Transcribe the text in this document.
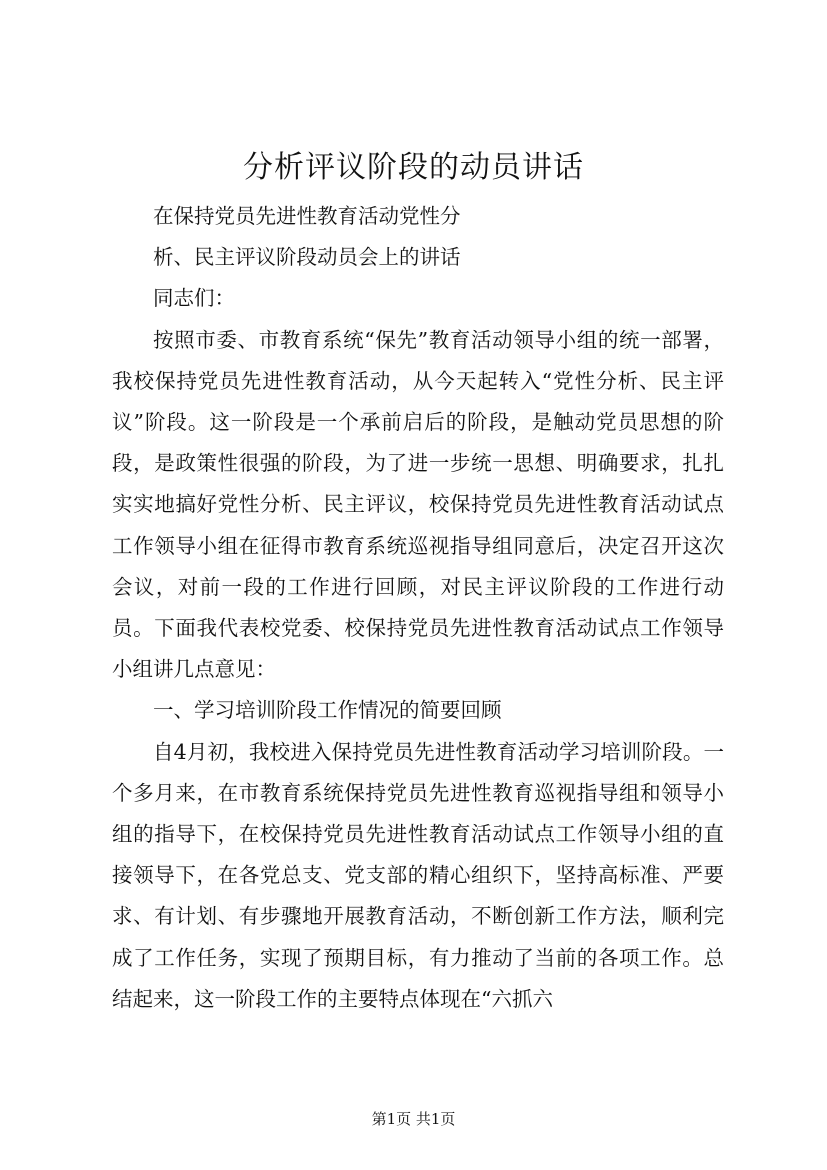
分析评议阶段的动员讲话

在保持党员先进性教育活动党性分

析、民主评议阶段动员会上的讲话

同志们：

按照市委、市教育系统“保先”教育活动领导小组的统一部署，我校保持党员先进性教育活动，从今天起转入“党性分析、民主评议”阶段。这一阶段是一个承前启后的阶段，是触动党员思想的阶段，是政策性很强的阶段，为了进一步统一思想、明确要求，扎扎实实地搞好党性分析、民主评议，校保持党员先进性教育活动试点工作领导小组在征得市教育系统巡视指导组同意后，决定召开这次会议，对前一段的工作进行回顾，对民主评议阶段的工作进行动员。下面我代表校党委、校保持党员先进性教育活动试点工作领导小组讲几点意见：

一、学习培训阶段工作情况的简要回顾

自4月初，我校进入保持党员先进性教育活动学习培训阶段。一个多月来，在市教育系统保持党员先进性教育巡视指导组和领导小组的指导下，在校保持党员先进性教育活动试点工作领导小组的直接领导下，在各党总支、党支部的精心组织下，坚持高标准、严要求、有计划、有步骤地开展教育活动，不断创新工作方法，顺利完成了工作任务，实现了预期目标，有力推动了当前的各项工作。总结起来，这一阶段工作的主要特点体现在“六抓六

第1页 共1页
